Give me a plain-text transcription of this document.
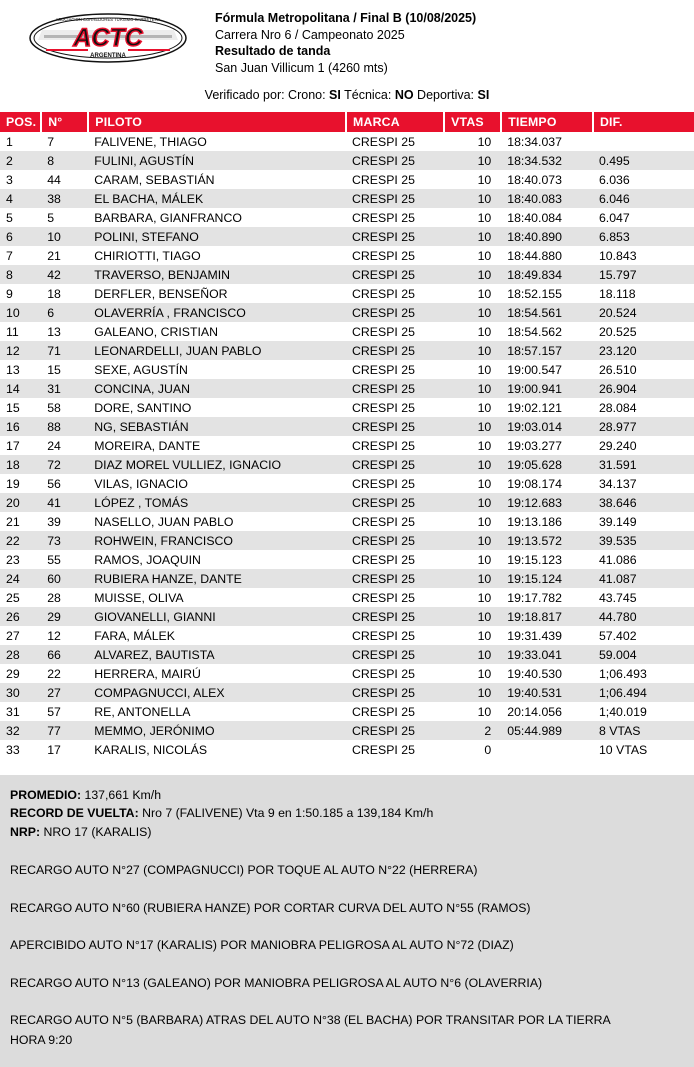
ASOCIACION CORREDORES TURISMO CARRETERA
ACTC
ARGENTINA
Fórmula Metropolitana / Final B (10/08/2025)
Carrera Nro 6 / Campeonato 2025
Resultado de tanda
San Juan Villicum 1 (4260 mts)
Verificado por: Crono: SI Técnica: NO Deportiva: SI
POS.	N°	PILOTO	MARCA	VTAS	TIEMPO	DIF.
1	7	FALIVENE, THIAGO	CRESPI 25	10	18:34.037	
2	8	FULINI, AGUSTÍN	CRESPI 25	10	18:34.532	0.495
3	44	CARAM, SEBASTIÁN	CRESPI 25	10	18:40.073	6.036
4	38	EL BACHA, MÁLEK	CRESPI 25	10	18:40.083	6.046
5	5	BARBARA, GIANFRANCO	CRESPI 25	10	18:40.084	6.047
6	10	POLINI, STEFANO	CRESPI 25	10	18:40.890	6.853
7	21	CHIRIOTTI, TIAGO	CRESPI 25	10	18:44.880	10.843
8	42	TRAVERSO, BENJAMIN	CRESPI 25	10	18:49.834	15.797
9	18	DERFLER, BENSEÑOR	CRESPI 25	10	18:52.155	18.118
10	6	OLAVERRÍA , FRANCISCO	CRESPI 25	10	18:54.561	20.524
11	13	GALEANO, CRISTIAN	CRESPI 25	10	18:54.562	20.525
12	71	LEONARDELLI, JUAN PABLO	CRESPI 25	10	18:57.157	23.120
13	15	SEXE, AGUSTÍN	CRESPI 25	10	19:00.547	26.510
14	31	CONCINA, JUAN	CRESPI 25	10	19:00.941	26.904
15	58	DORE, SANTINO	CRESPI 25	10	19:02.121	28.084
16	88	NG, SEBASTIÁN	CRESPI 25	10	19:03.014	28.977
17	24	MOREIRA, DANTE	CRESPI 25	10	19:03.277	29.240
18	72	DIAZ MOREL VULLIEZ, IGNACIO	CRESPI 25	10	19:05.628	31.591
19	56	VILAS, IGNACIO	CRESPI 25	10	19:08.174	34.137
20	41	LÓPEZ , TOMÁS	CRESPI 25	10	19:12.683	38.646
21	39	NASELLO, JUAN PABLO	CRESPI 25	10	19:13.186	39.149
22	73	ROHWEIN, FRANCISCO	CRESPI 25	10	19:13.572	39.535
23	55	RAMOS, JOAQUIN	CRESPI 25	10	19:15.123	41.086
24	60	RUBIERA HANZE, DANTE	CRESPI 25	10	19:15.124	41.087
25	28	MUISSE, OLIVA	CRESPI 25	10	19:17.782	43.745
26	29	GIOVANELLI, GIANNI	CRESPI 25	10	19:18.817	44.780
27	12	FARA, MÁLEK	CRESPI 25	10	19:31.439	57.402
28	66	ALVAREZ, BAUTISTA	CRESPI 25	10	19:33.041	59.004
29	22	HERRERA, MAIRÚ	CRESPI 25	10	19:40.530	1;06.493
30	27	COMPAGNUCCI, ALEX	CRESPI 25	10	19:40.531	1;06.494
31	57	RE, ANTONELLA	CRESPI 25	10	20:14.056	1;40.019
32	77	MEMMO, JERÓNIMO	CRESPI 25	2	05:44.989	8 VTAS
33	17	KARALIS, NICOLÁS	CRESPI 25	0		10 VTAS

PROMEDIO: 137,661 Km/h

RECORD DE VUELTA: Nro 7 (FALIVENE) Vta 9 en 1:50.185 a 139,184 Km/h

NRP: NRO 17 (KARALIS)

RECARGO AUTO N°27 (COMPAGNUCCI) POR TOQUE AL AUTO N°22 (HERRERA)

RECARGO AUTO N°60 (RUBIERA HANZE) POR CORTAR CURVA DEL AUTO N°55 (RAMOS)

APERCIBIDO AUTO N°17 (KARALIS) POR MANIOBRA PELIGROSA AL AUTO N°72 (DIAZ)

RECARGO AUTO N°13 (GALEANO) POR MANIOBRA PELIGROSA AL AUTO N°6 (OLAVERRIA)

RECARGO AUTO N°5 (BARBARA) ATRAS DEL AUTO N°38 (EL BACHA) POR TRANSITAR POR LA TIERRA

HORA 9:20
